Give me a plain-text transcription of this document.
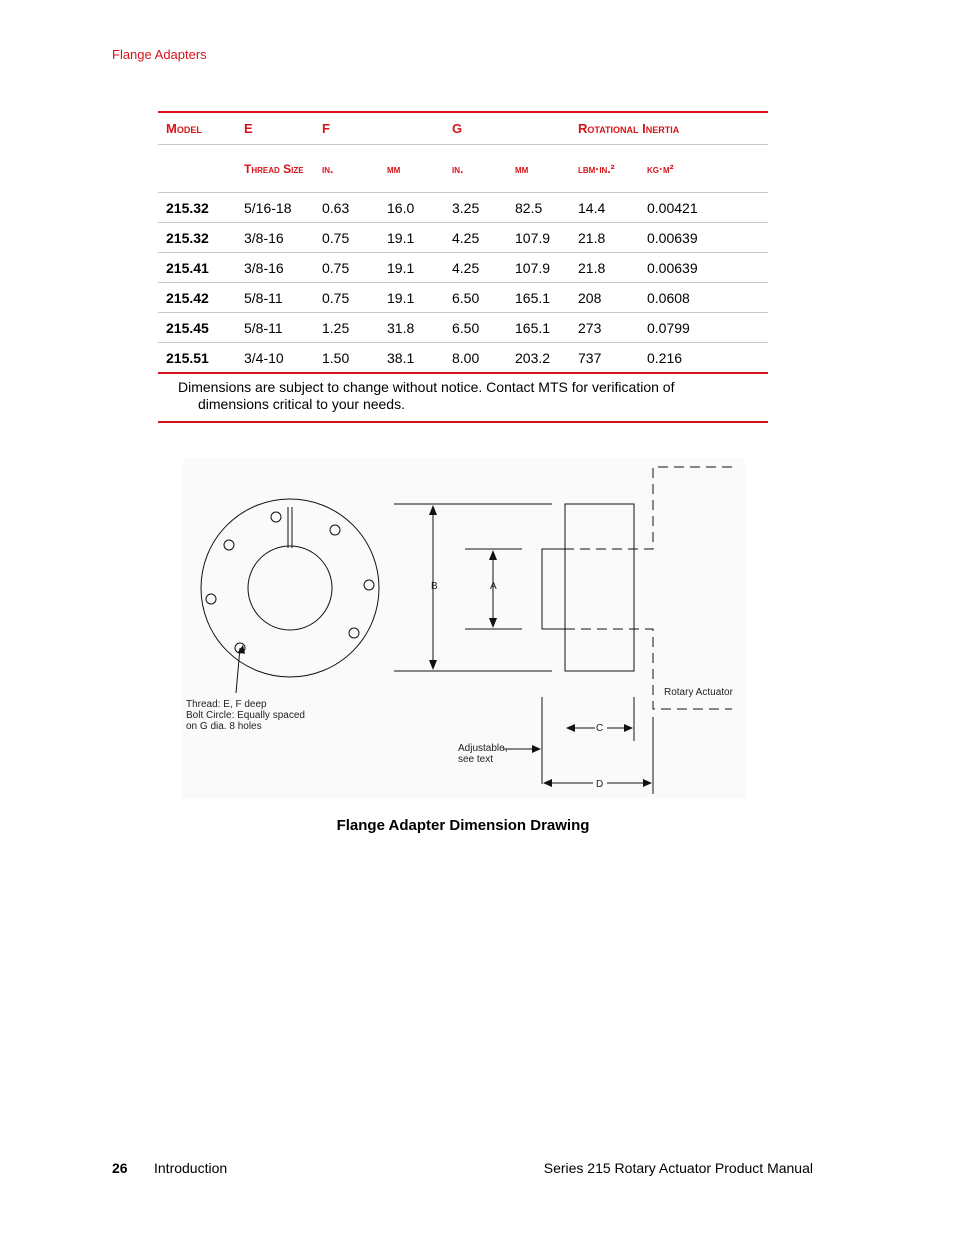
Flange Adapters
Model	E	F		G		Rotational Inertia	
	Thread Size	in.	mm	in.	mm	lbm·in.²	kg·m²
215.32	5/16-18	0.63	16.0	3.25	82.5	14.4	0.00421
215.32	3/8-16	0.75	19.1	4.25	107.9	21.8	0.00639
215.41	3/8-16	0.75	19.1	4.25	107.9	21.8	0.00639
215.42	5/8-11	0.75	19.1	6.50	165.1	208	0.0608
215.45	5/8-11	1.25	31.8	6.50	165.1	273	0.0799
215.51	3/4-10	1.50	38.1	8.00	203.2	737	0.216
Dimensions are subject to change without notice. Contact MTS for verification of
dimensions critical to your needs.							
Thread: E, F deep
Bolt Circle: Equally spaced
on G dia. 8 holes
B	A
C
D
Rotary Actuator
Adjustable,
see text
Flange Adapter Dimension Drawing
26 Introduction	Series 215 Rotary Actuator Product Manual
